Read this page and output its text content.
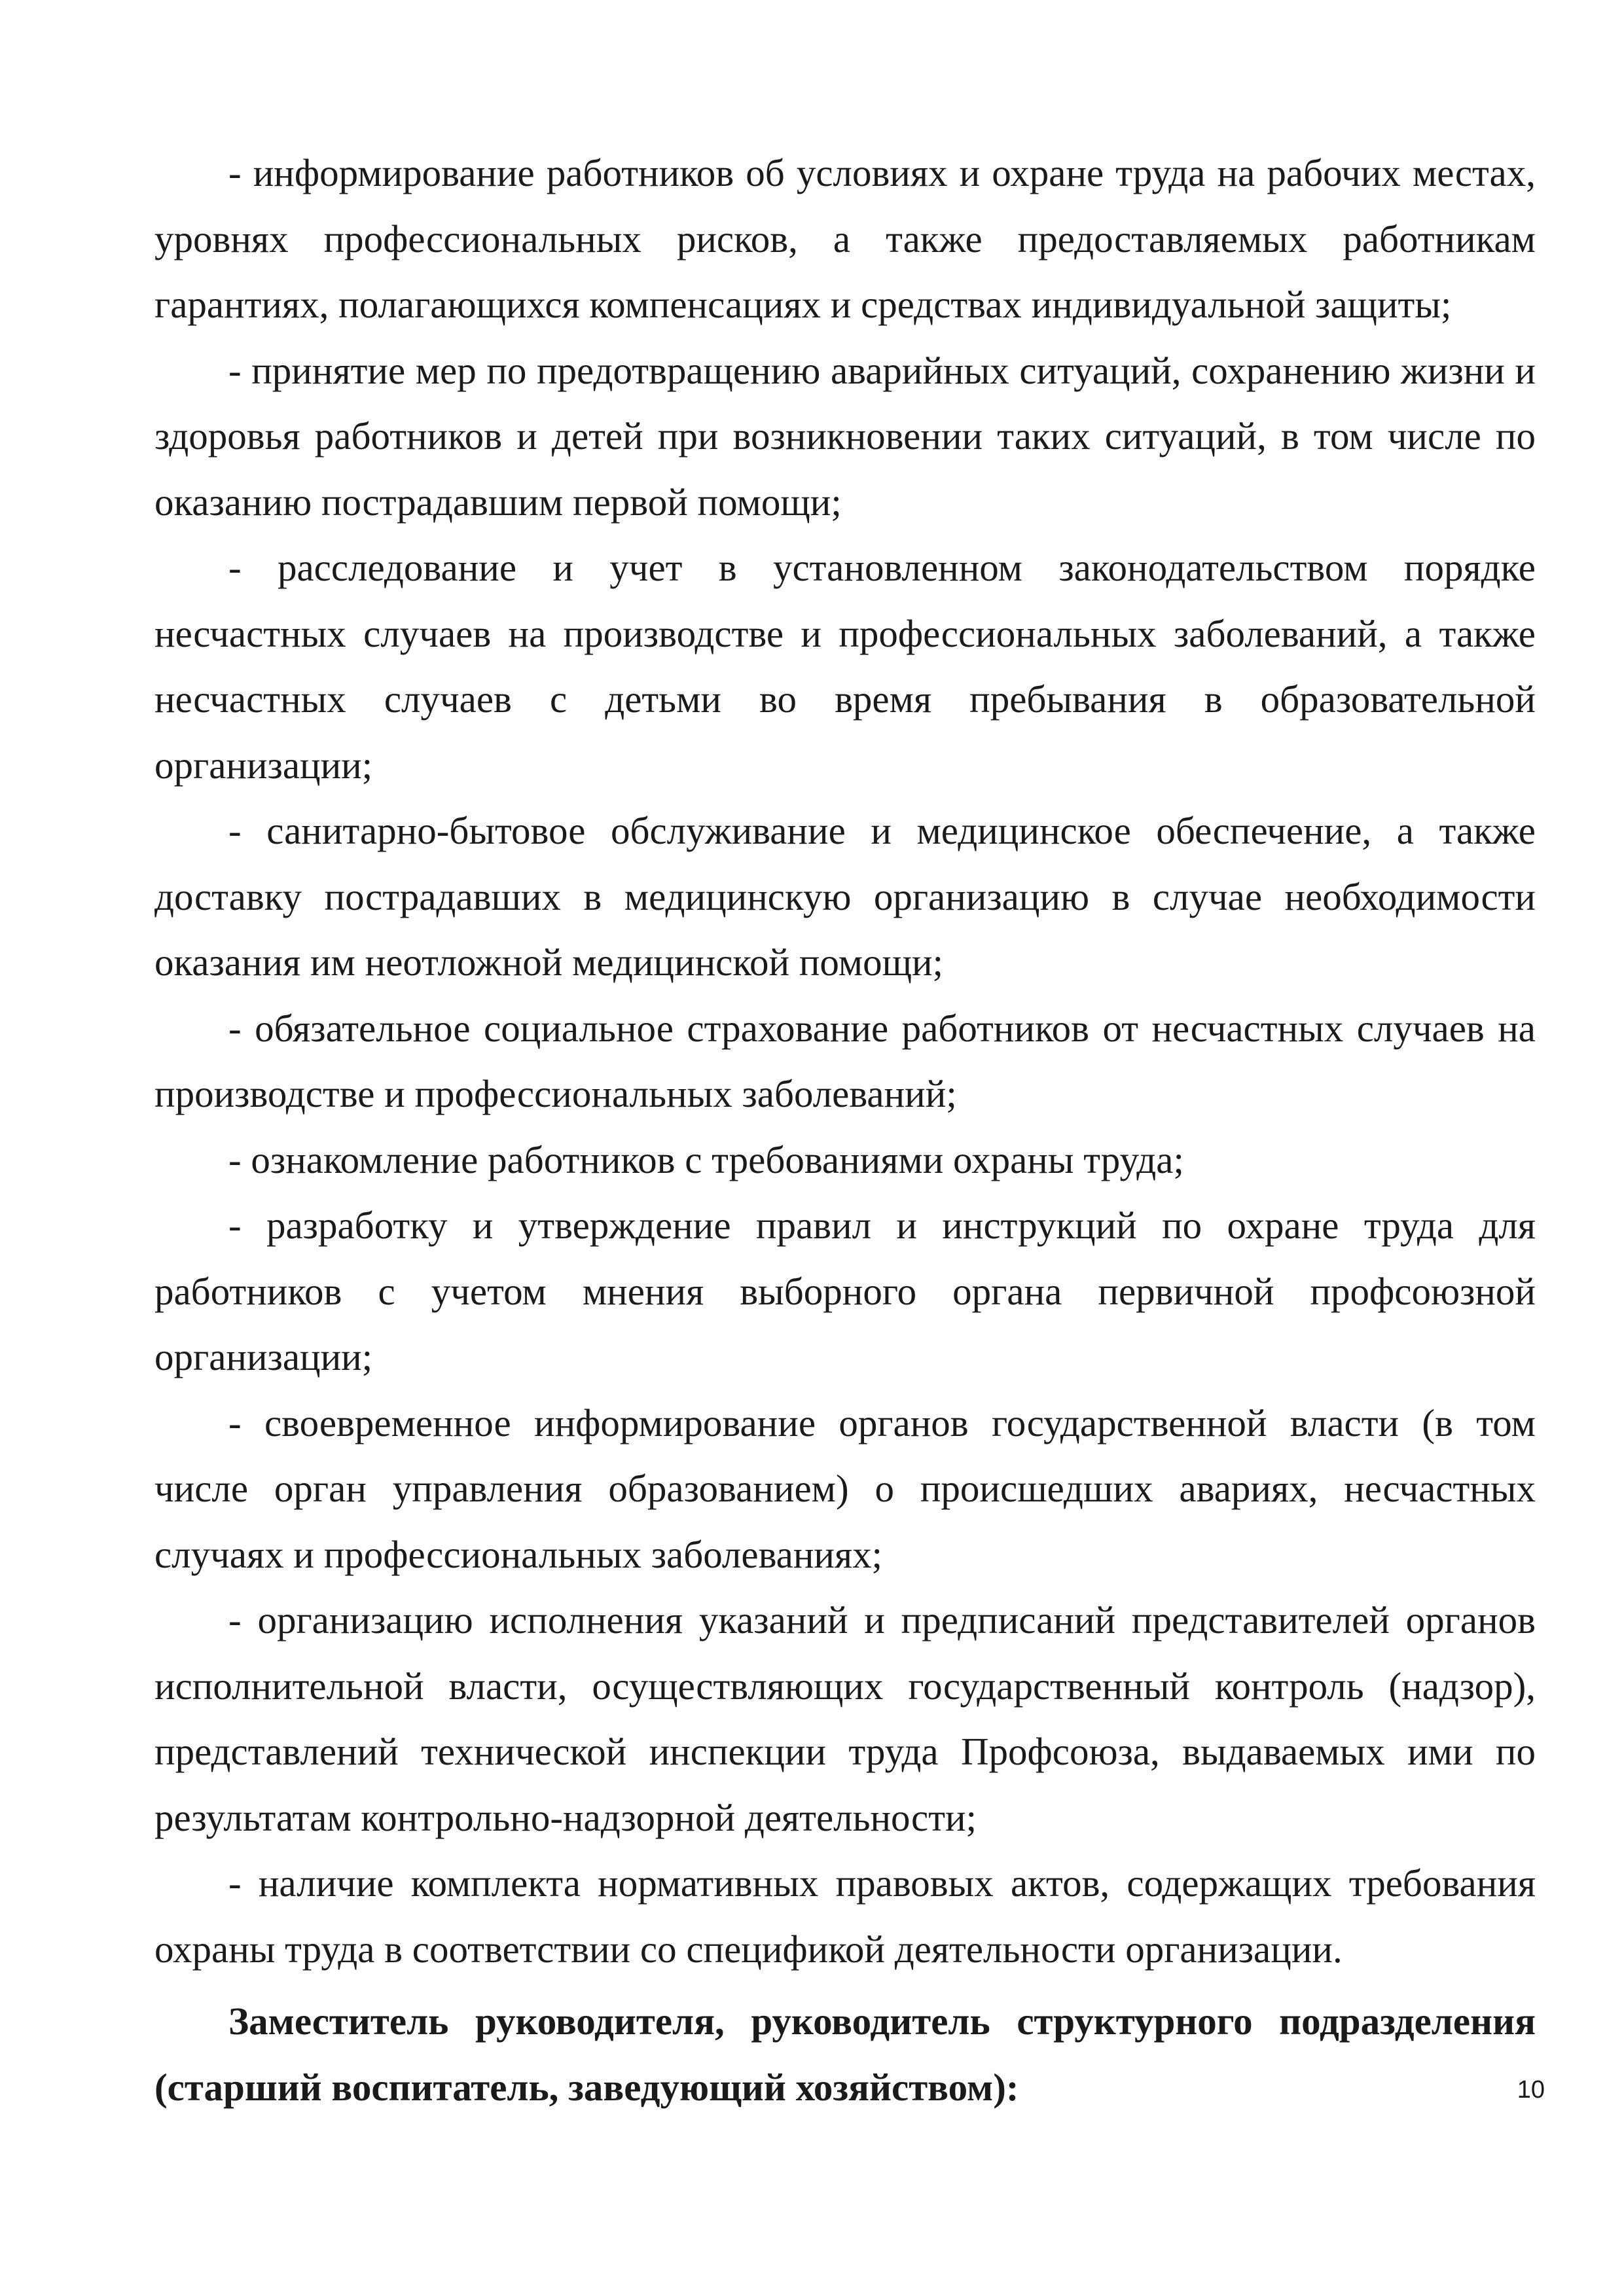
- информирование работников об условиях и охране труда на рабочих местах, уровнях профессиональных рисков, а также предоставляемых работникам гарантиях, полагающихся компенсациях и средствах индивидуальной защиты;

- принятие мер по предотвращению аварийных ситуаций, сохранению жизни и здоровья работников и детей при возникновении таких ситуаций, в том числе по оказанию пострадавшим первой помощи;

- расследование и учет в установленном законодательством порядке несчастных случаев на производстве и профессиональных заболеваний, а также несчастных случаев с детьми во время пребывания в образовательной организации;

- санитарно-бытовое обслуживание и медицинское обеспечение, а также доставку пострадавших в медицинскую организацию в случае необходимости оказания им неотложной медицинской помощи;

- обязательное социальное страхование работников от несчастных случаев на производстве и профессиональных заболеваний;

- ознакомление работников с требованиями охраны труда;

- разработку и утверждение правил и инструкций по охране труда для работников с учетом мнения выборного органа первичной профсоюзной организации;

- своевременное информирование органов государственной власти (в том числе орган управления образованием) о происшедших авариях, несчастных случаях и профессиональных заболеваниях;

- организацию исполнения указаний и предписаний представителей органов исполнительной власти, осуществляющих государственный контроль (надзор), представлений технической инспекции труда Профсоюза, выдаваемых ими по результатам контрольно-надзорной деятельности;

- наличие комплекта нормативных правовых актов, содержащих требования охраны труда в соответствии со спецификой деятельности организации.

Заместитель руководителя, руководитель структурного подразделения (старший воспитатель, заведующий хозяйством):	10
